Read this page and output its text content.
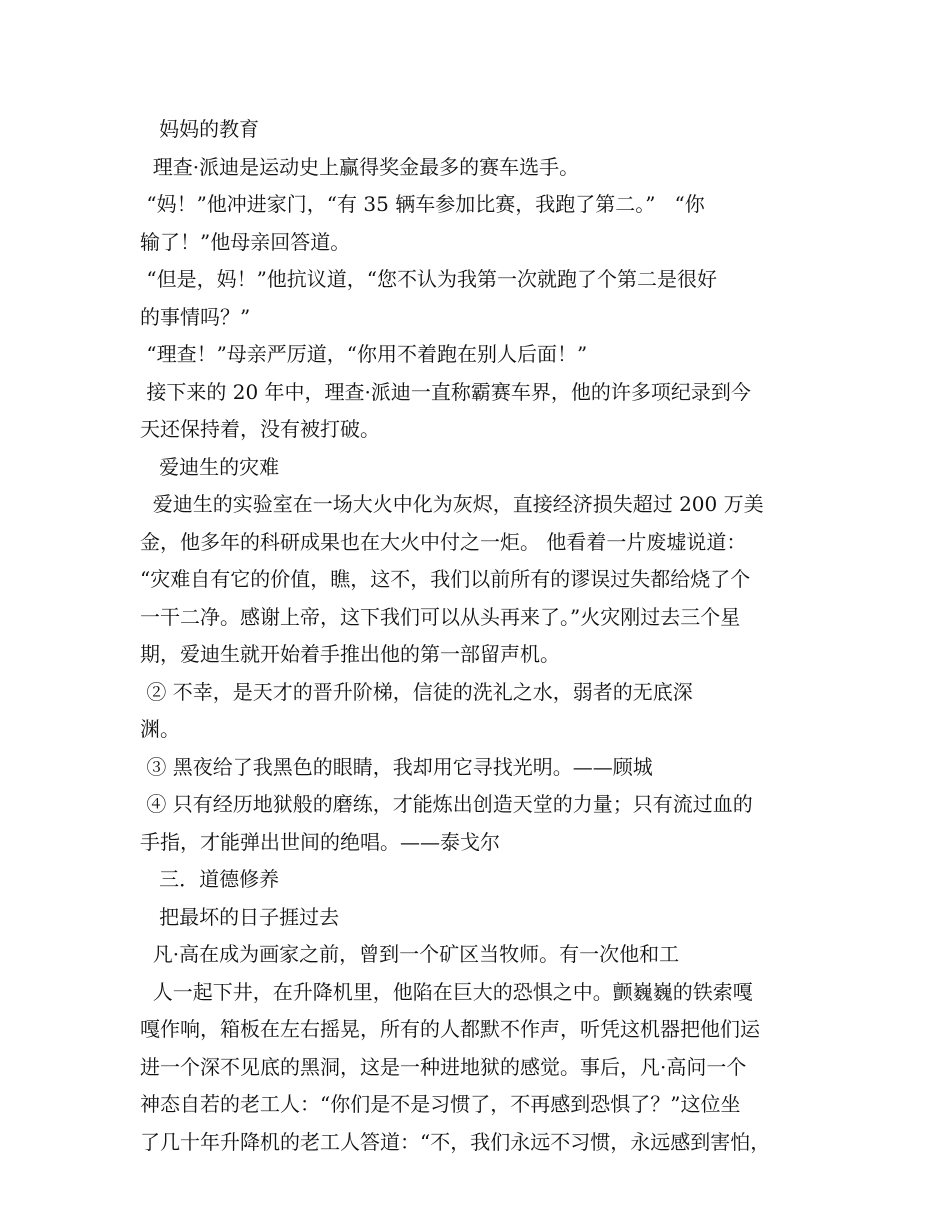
妈妈的教育
理查·派迪是运动史上赢得奖金最多的赛车选手。
“妈！”他冲进家门，“有 35 辆车参加比赛，我跑了第二。”   “你
输了！”他母亲回答道。
“但是，妈！”他抗议道，“您不认为我第一次就跑了个第二是很好
的事情吗？”
“理查！”母亲严厉道，“你用不着跑在别人后面！”
接下来的 20 年中，理查·派迪一直称霸赛车界，他的许多项纪录到今
天还保持着，没有被打破。
爱迪生的灾难
爱迪生的实验室在一场大火中化为灰烬，直接经济损失超过 200 万美
金，他多年的科研成果也在大火中付之一炬。 他看着一片废墟说道：
“灾难自有它的价值，瞧，这不，我们以前所有的谬误过失都给烧了个
一干二净。感谢上帝，这下我们可以从头再来了。”火灾刚过去三个星
期，爱迪生就开始着手推出他的第一部留声机。
② 不幸，是天才的晋升阶梯，信徒的洗礼之水，弱者的无底深
渊。
③ 黑夜给了我黑色的眼睛，我却用它寻找光明。——顾城
④ 只有经历地狱般的磨练，才能炼出创造天堂的力量；只有流过血的
手指，才能弹出世间的绝唱。——泰戈尔
三．道德修养
把最坏的日子捱过去
凡·高在成为画家之前，曾到一个矿区当牧师。有一次他和工
人一起下井，在升降机里，他陷在巨大的恐惧之中。颤巍巍的铁索嘎
嘎作响，箱板在左右摇晃，所有的人都默不作声，听凭这机器把他们运
进一个深不见底的黑洞，这是一种进地狱的感觉。事后，凡·高问一个
神态自若的老工人：“你们是不是习惯了，不再感到恐惧了？”这位坐
了几十年升降机的老工人答道：“不，我们永远不习惯，永远感到害怕，
